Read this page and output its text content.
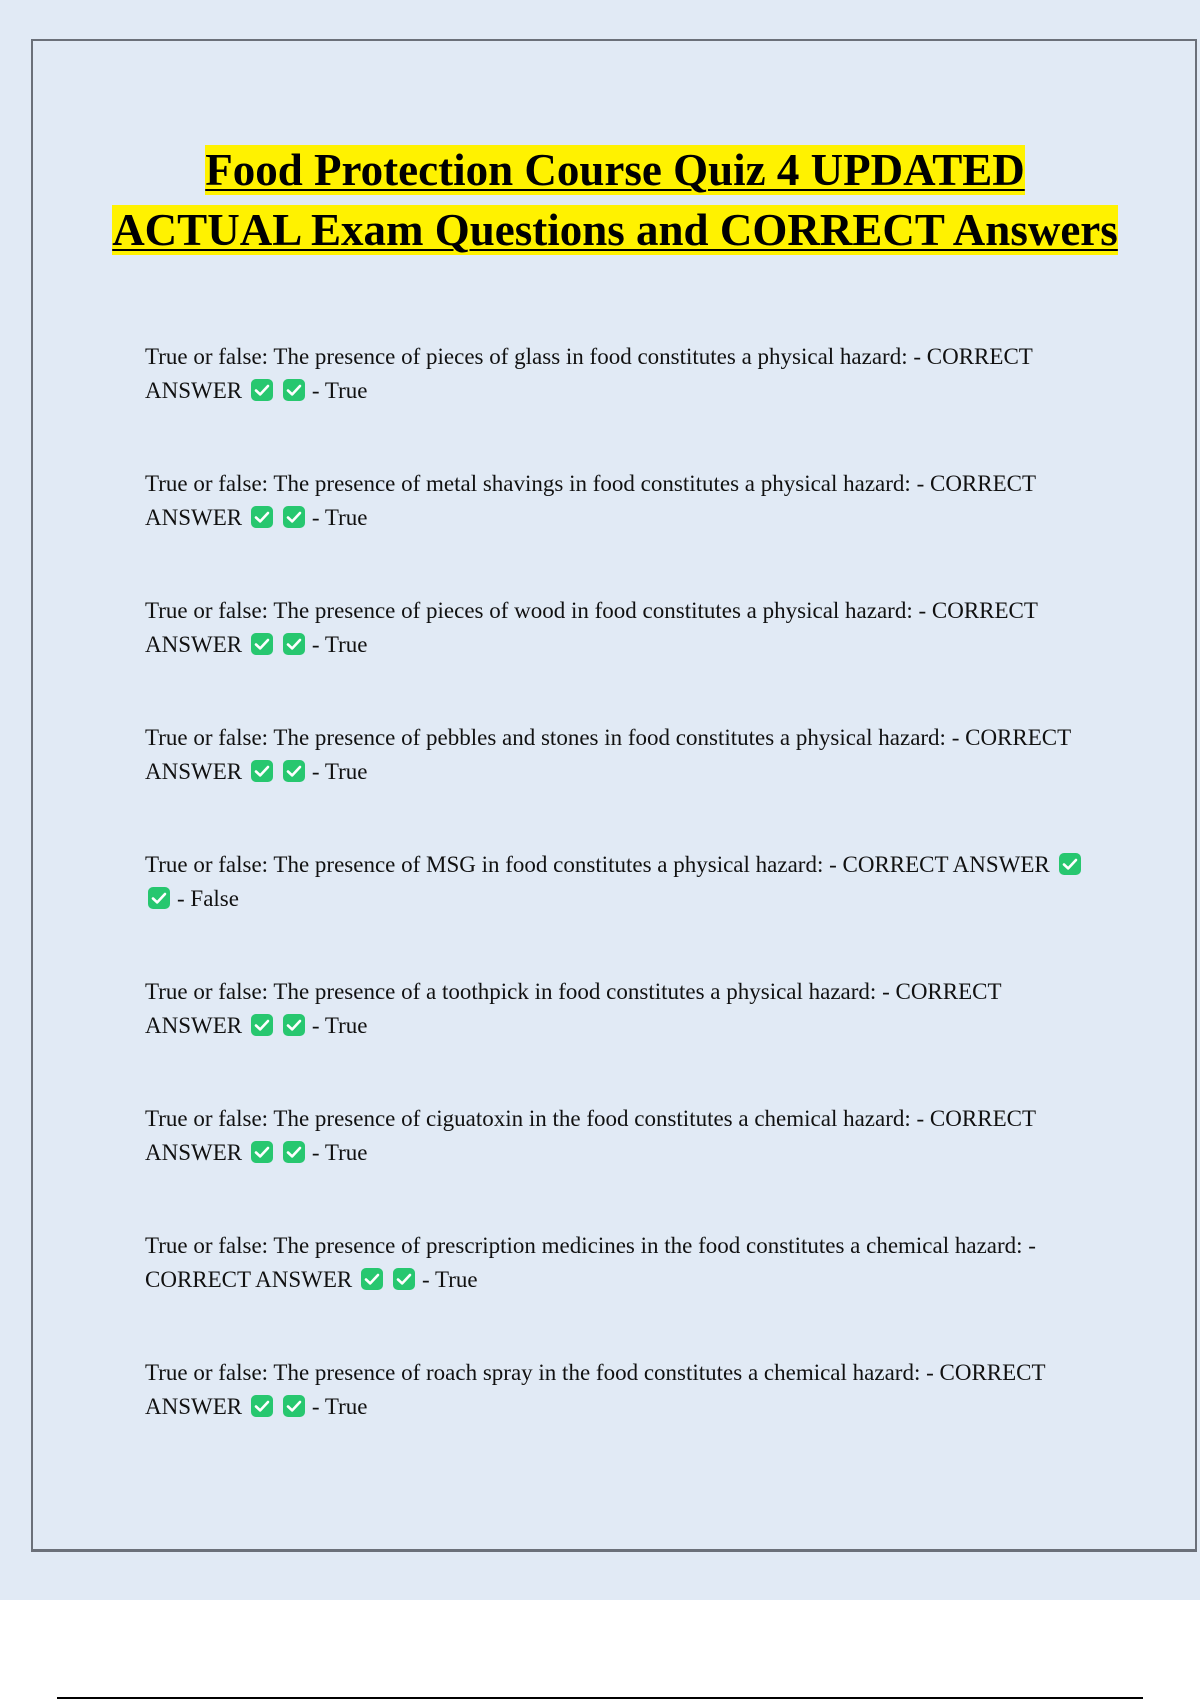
Food Protection Course Quiz 4 UPDATED ACTUAL Exam Questions and CORRECT Answers
True or false: The presence of pieces of glass in food constitutes a physical hazard: - CORRECT ANSWER	- True
True or false: The presence of metal shavings in food constitutes a physical hazard: - CORRECT ANSWER	- True
True or false: The presence of pieces of wood in food constitutes a physical hazard: - CORRECT ANSWER	- True
True or false: The presence of pebbles and stones in food constitutes a physical hazard: - CORRECT ANSWER	- True
True or false: The presence of MSG in food constitutes a physical hazard: - CORRECT ANSWER
- False
True or false: The presence of a toothpick in food constitutes a physical hazard: - CORRECT ANSWER	- True
True or false: The presence of ciguatoxin in the food constitutes a chemical hazard: - CORRECT ANSWER	- True
True or false: The presence of prescription medicines in the food constitutes a chemical hazard: - CORRECT ANSWER	- True
True or false: The presence of roach spray in the food constitutes a chemical hazard: - CORRECT ANSWER	- True
